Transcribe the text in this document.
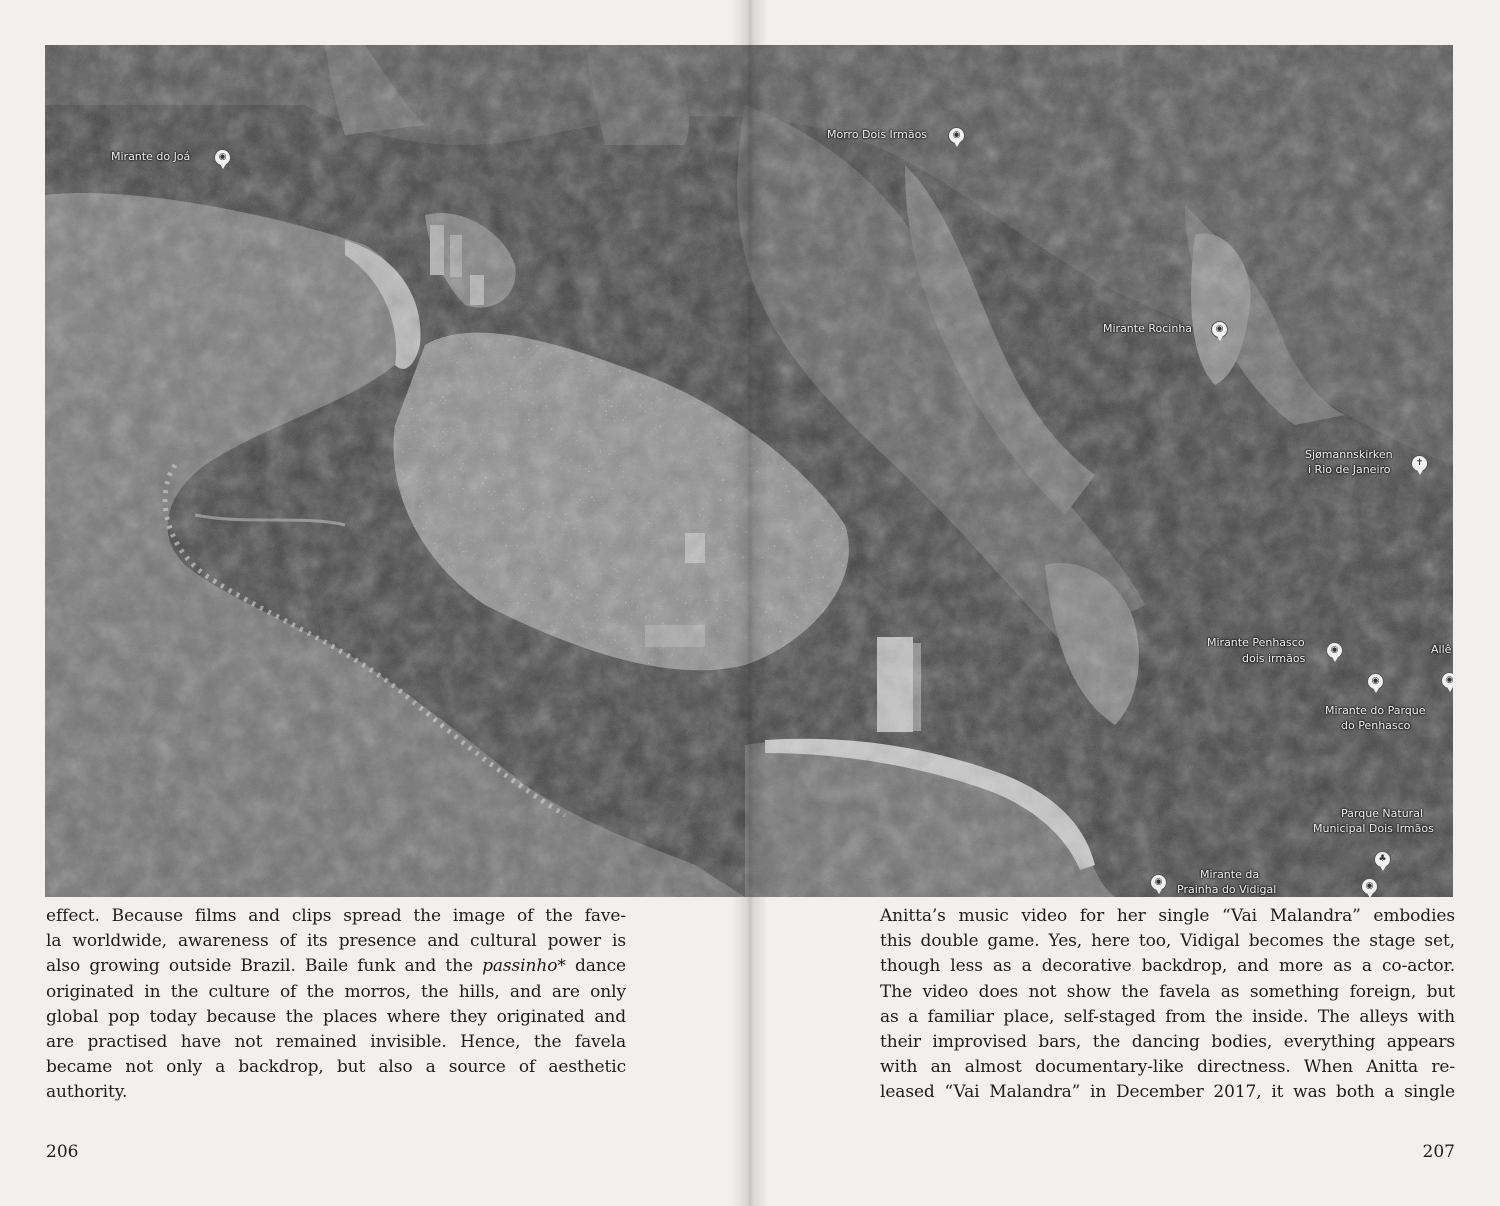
Mirante do Joá	◉
Morro Dois Irmãos	◉
Mirante Rocinha	◉
Sjømannskirken
i Rio de Janeiro	✝
Mirante Penhasco
dois irmãos
◉
◉
Mirante do Parque
do Penhasco
Allê
◉
Parque Natural
Municipal Dois Irmãos
♣
Mirante da
Prainha do Vidigal
◉	◉
effect. Because films and clips spread the image of the fave-
la worldwide, awareness of its presence and cultural power is
also growing outside Brazil. Baile funk and the passinho* dance
originated in the culture of the morros, the hills, and are only
global pop today because the places where they originated and
are practised have not remained invisible. Hence, the favela
became not only a backdrop, but also a source of aesthetic
authority.
206
Anitta’s music video for her single “Vai Malandra” embodies
this double game. Yes, here too, Vidigal becomes the stage set,
though less as a decorative backdrop, and more as a co-actor.
The video does not show the favela as something foreign, but
as a familiar place, self-staged from the inside. The alleys with
their improvised bars, the dancing bodies, everything appears
with an almost documentary-like directness. When Anitta re-
leased “Vai Malandra” in December 2017, it was both a single
207
